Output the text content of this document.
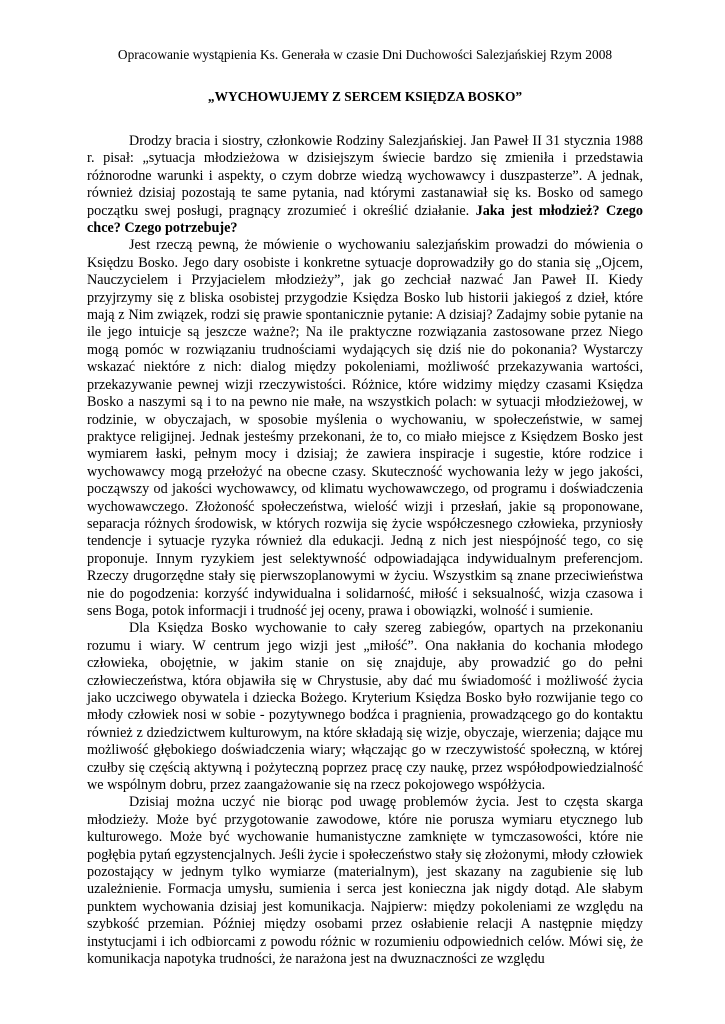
Opracowanie wystąpienia Ks. Generała w czasie Dni Duchowości Salezjańskiej Rzym 2008

„WYCHOWUJEMY Z SERCEM KSIĘDZA BOSKO”

Drodzy bracia i siostry, członkowie Rodziny Salezjańskiej. Jan Paweł II 31 stycznia 1988 r. pisał: „sytuacja młodzieżowa w dzisiejszym świecie bardzo się zmieniła i przedstawia różnorodne warunki i aspekty, o czym dobrze wiedzą wychowawcy i duszpasterze”. A jednak, również dzisiaj pozostają te same pytania, nad którymi zastanawiał się ks. Bosko od samego początku swej posługi, pragnący zrozumieć i określić działanie. Jaka jest młodzież? Czego chce? Czego potrzebuje?

Jest rzeczą pewną, że mówienie o wychowaniu salezjańskim prowadzi do mówienia o Księdzu Bosko. Jego dary osobiste i konkretne sytuacje doprowadziły go do stania się „Ojcem, Nauczycielem i Przyjacielem młodzieży”, jak go zechciał nazwać Jan Paweł II. Kiedy przyjrzymy się z bliska osobistej przygodzie Księdza Bosko lub historii jakiegoś z dzieł, które mają z Nim związek, rodzi się prawie spontanicznie pytanie: A dzisiaj? Zadajmy sobie pytanie na ile jego intuicje są jeszcze ważne?; Na ile praktyczne rozwiązania zastosowane przez Niego mogą pomóc w rozwiązaniu trudnościami wydających się dziś nie do pokonania? Wystarczy wskazać niektóre z nich: dialog między pokoleniami, możliwość przekazywania wartości, przekazywanie pewnej wizji rzeczywistości. Różnice, które widzimy między czasami Księdza Bosko a naszymi są i to na pewno nie małe, na wszystkich polach: w sytuacji młodzieżowej, w rodzinie, w obyczajach, w sposobie myślenia o wychowaniu, w społeczeństwie, w samej praktyce religijnej. Jednak jesteśmy przekonani, że to, co miało miejsce z Księdzem Bosko jest wymiarem łaski, pełnym mocy i dzisiaj; że zawiera inspiracje i sugestie, które rodzice i wychowawcy mogą przełożyć na obecne czasy. Skuteczność wychowania leży w jego jakości, począwszy od jakości wychowawcy, od klimatu wychowawczego, od programu i doświadczenia wychowawczego. Złożoność społeczeństwa, wielość wizji i przesłań, jakie są proponowane, separacja różnych środowisk, w których rozwija się życie współczesnego człowieka, przyniosły tendencje i sytuacje ryzyka również dla edukacji. Jedną z nich jest niespójność tego, co się proponuje. Innym ryzykiem jest selektywność odpowiadająca indywidualnym preferencjom. Rzeczy drugorzędne stały się pierwszoplanowymi w życiu. Wszystkim są znane przeciwieństwa nie do pogodzenia: korzyść indywidualna i solidarność, miłość i seksualność, wizja czasowa i sens Boga, potok informacji i trudność jej oceny, prawa i obowiązki, wolność i sumienie.

Dla Księdza Bosko wychowanie to cały szereg zabiegów, opartych na przekonaniu rozumu i wiary. W centrum jego wizji jest „miłość”. Ona nakłania do kochania młodego człowieka, obojętnie, w jakim stanie on się znajduje, aby prowadzić go do pełni człowieczeństwa, która objawiła się w Chrystusie, aby dać mu świadomość i możliwość życia jako uczciwego obywatela i dziecka Bożego. Kryterium Księdza Bosko było rozwijanie tego co młody człowiek nosi w sobie - pozytywnego bodźca i pragnienia, prowadzącego go do kontaktu również z dziedzictwem kulturowym, na które składają się wizje, obyczaje, wierzenia; dające mu możliwość głębokiego doświadczenia wiary; włączając go w rzeczywistość społeczną, w której czułby się częścią aktywną i pożyteczną poprzez pracę czy naukę, przez współodpowiedzialność we wspólnym dobru, przez zaangażowanie się na rzecz pokojowego współżycia.

Dzisiaj można uczyć nie biorąc pod uwagę problemów życia. Jest to częsta skarga młodzieży. Może być przygotowanie zawodowe, które nie porusza wymiaru etycznego lub kulturowego. Może być wychowanie humanistyczne zamknięte w tymczasowości, które nie pogłębia pytań egzystencjalnych. Jeśli życie i społeczeństwo stały się złożonymi, młody człowiek pozostający w jednym tylko wymiarze (materialnym), jest skazany na zagubienie się lub uzależnienie. Formacja umysłu, sumienia i serca jest konieczna jak nigdy dotąd. Ale słabym punktem wychowania dzisiaj jest komunikacja. Najpierw: między pokoleniami ze względu na szybkość przemian. Później między osobami przez osłabienie relacji A następnie między instytucjami i ich odbiorcami z powodu różnic w rozumieniu odpowiednich celów. Mówi się, że komunikacja napotyka trudności, że narażona jest na dwuznaczności ze względu
